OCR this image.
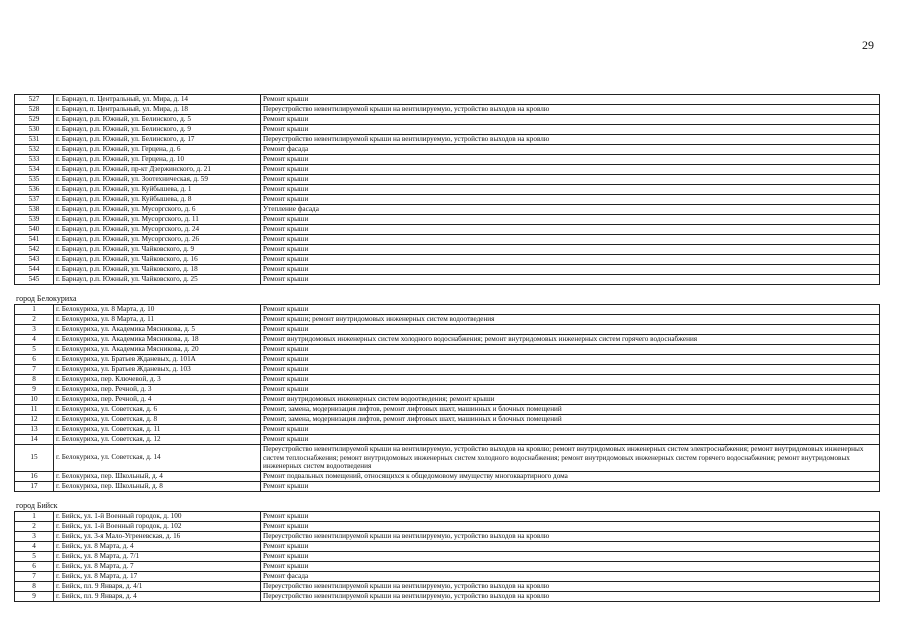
29
527	г. Барнаул, п. Центральный, ул. Мира, д. 14	Ремонт крыши
528	г. Барнаул, п. Центральный, ул. Мира, д. 18	Переустройство невентилируемой крыши на вентилируемую, устройство выходов на кровлю
529	г. Барнаул, р.п. Южный, ул. Белинского, д. 5	Ремонт крыши
530	г. Барнаул, р.п. Южный, ул. Белинского, д. 9	Ремонт крыши
531	г. Барнаул, р.п. Южный, ул. Белинского, д. 17	Переустройство невентилируемой крыши на вентилируемую, устройство выходов на кровлю
532	г. Барнаул, р.п. Южный, ул. Герцена, д. 6	Ремонт фасада
533	г. Барнаул, р.п. Южный, ул. Герцена, д. 10	Ремонт крыши
534	г. Барнаул, р.п. Южный, пр-кт Дзержинского, д. 21	Ремонт крыши
535	г. Барнаул, р.п. Южный, ул. Зоотехническая, д. 59	Ремонт крыши
536	г. Барнаул, р.п. Южный, ул. Куйбышева, д. 1	Ремонт крыши
537	г. Барнаул, р.п. Южный, ул. Куйбышева, д. 8	Ремонт крыши
538	г. Барнаул, р.п. Южный, ул. Мусоргского, д. 6	Утепление фасада
539	г. Барнаул, р.п. Южный, ул. Мусоргского, д. 11	Ремонт крыши
540	г. Барнаул, р.п. Южный, ул. Мусоргского, д. 24	Ремонт крыши
541	г. Барнаул, р.п. Южный, ул. Мусоргского, д. 26	Ремонт крыши
542	г. Барнаул, р.п. Южный, ул. Чайковского, д. 9	Ремонт крыши
543	г. Барнаул, р.п. Южный, ул. Чайковского, д. 16	Ремонт крыши
544	г. Барнаул, р.п. Южный, ул. Чайковского, д. 18	Ремонт крыши
545	г. Барнаул, р.п. Южный, ул. Чайковского, д. 25	Ремонт крыши
город Белокуриха
1	г. Белокуриха, ул. 8 Марта, д. 10	Ремонт крыши
2	г. Белокуриха, ул. 8 Марта, д. 11	Ремонт крыши; ремонт внутридомовых инженерных систем водоотведения
3	г. Белокуриха, ул. Академика Мясникова, д. 5	Ремонт крыши
4	г. Белокуриха, ул. Академика Мясникова, д. 18	Ремонт внутридомовых инженерных систем холодного водоснабжения; ремонт внутридомовых инженерных систем горячего водоснабжения
5	г. Белокуриха, ул. Академика Мясникова, д. 20	Ремонт крыши
6	г. Белокуриха, ул. Братьев Жданевых, д. 101А	Ремонт крыши
7	г. Белокуриха, ул. Братьев Жданевых, д. 103	Ремонт крыши
8	г. Белокуриха, пер. Ключевой, д. 3	Ремонт крыши
9	г. Белокуриха, пер. Речной, д. 3	Ремонт крыши
10	г. Белокуриха, пер. Речной, д. 4	Ремонт внутридомовых инженерных систем водоотведения; ремонт крыши
11	г. Белокуриха, ул. Советская, д. 6	Ремонт, замена, модернизация лифтов, ремонт лифтовых шахт, машинных и блочных помещений
12	г. Белокуриха, ул. Советская, д. 8	Ремонт, замена, модернизация лифтов, ремонт лифтовых шахт, машинных и блочных помещений
13	г. Белокуриха, ул. Советская, д. 11	Ремонт крыши
14	г. Белокуриха, ул. Советская, д. 12	Ремонт крыши
15	г. Белокуриха, ул. Советская, д. 14	Переустройство невентилируемой крыши на вентилируемую, устройство выходов на кровлю; ремонт внутридомовых инженерных систем электроснабжения; ремонт внутридомовых инженерных систем теплоснабжения; ремонт внутридомовых инженерных систем холодного водоснабжения; ремонт внутридомовых инженерных систем горячего водоснабжения; ремонт внутридомовых инженерных систем водоотведения
16	г. Белокуриха, пер. Школьный, д. 4	Ремонт подвальных помещений, относящихся к общедомовому имуществу многоквартирного дома
17	г. Белокуриха, пер. Школьный, д. 8	Ремонт крыши
город Бийск
1	г. Бийск, ул. 1-й Военный городок, д. 100	Ремонт крыши
2	г. Бийск, ул. 1-й Военный городок, д. 102	Ремонт крыши
3	г. Бийск, ул. 3-я Мало-Угреневская, д. 16	Переустройство невентилируемой крыши на вентилируемую, устройство выходов на кровлю
4	г. Бийск, ул. 8 Марта, д. 4	Ремонт крыши
5	г. Бийск, ул. 8 Марта, д. 7/1	Ремонт крыши
6	г. Бийск, ул. 8 Марта, д. 7	Ремонт крыши
7	г. Бийск, ул. 8 Марта, д. 17	Ремонт фасада
8	г. Бийск, пл. 9 Января, д. 4/1	Переустройство невентилируемой крыши на вентилируемую, устройство выходов на кровлю
9	г. Бийск, пл. 9 Января, д. 4	Переустройство невентилируемой крыши на вентилируемую, устройство выходов на кровлю
